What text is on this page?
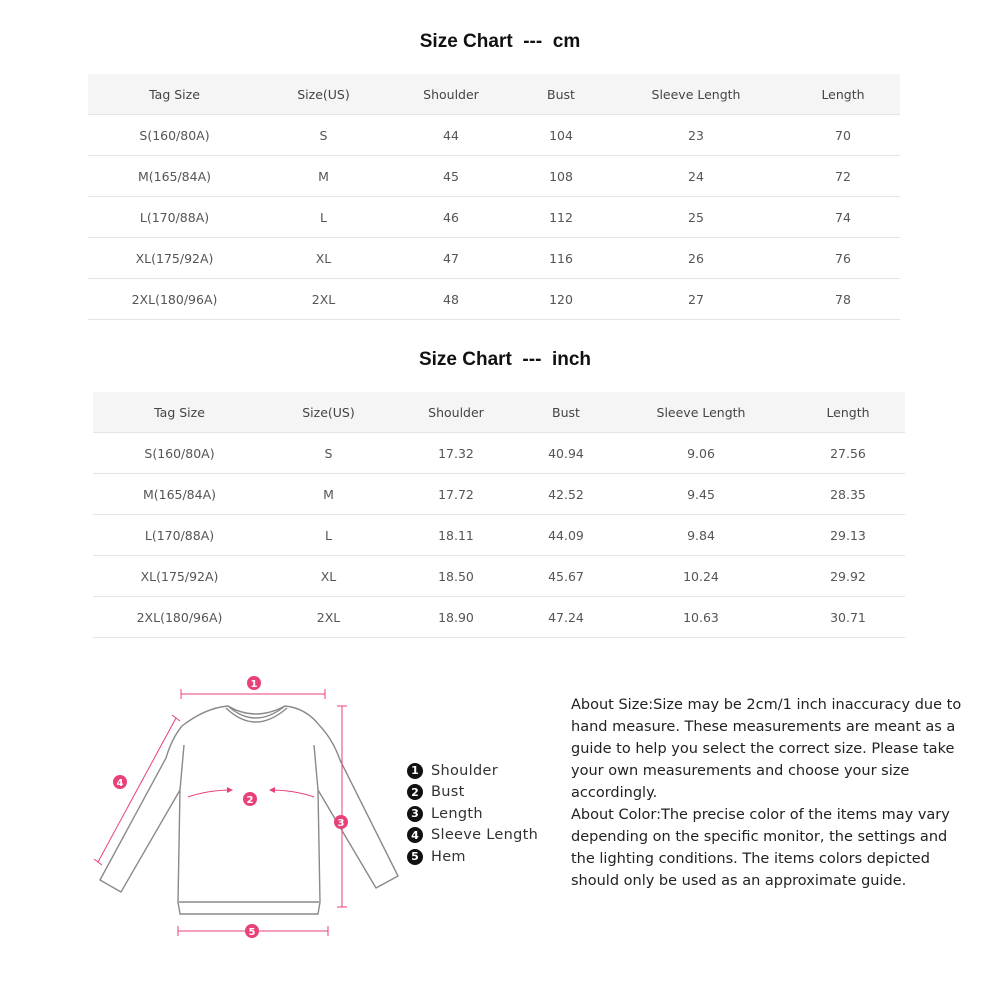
Size Chart  ---  cm
Tag Size	Size(US)	Shoulder	Bust	Sleeve Length	Length
S(160/80A)	S	44	104	23	70
M(165/84A)	M	45	108	24	72
L(170/88A)	L	46	112	25	74
XL(175/92A)	XL	47	116	26	76
2XL(180/96A)	2XL	48	120	27	78
Size Chart  ---  inch
Tag Size	Size(US)	Shoulder	Bust	Sleeve Length	Length
S(160/80A)	S	17.32	40.94	9.06	27.56
M(165/84A)	M	17.72	42.52	9.45	28.35
L(170/88A)	L	18.11	44.09	9.84	29.13
XL(175/92A)	XL	18.50	45.67	10.24	29.92
2XL(180/96A)	2XL	18.90	47.24	10.63	30.71
1
2
3
4
5
1 Shoulder
2 Bust
3 Length
4 Sleeve Length
5 Hem

About Size:Size may be 2cm/1 inch inaccuracy due to hand measure. These measurements are meant as a guide to help you select the correct size. Please take your own measurements and choose your size accordingly.

About Color:The precise color of the items may vary depending on the specific monitor, the settings and the lighting conditions. The items colors depicted should only be used as an approximate guide.
